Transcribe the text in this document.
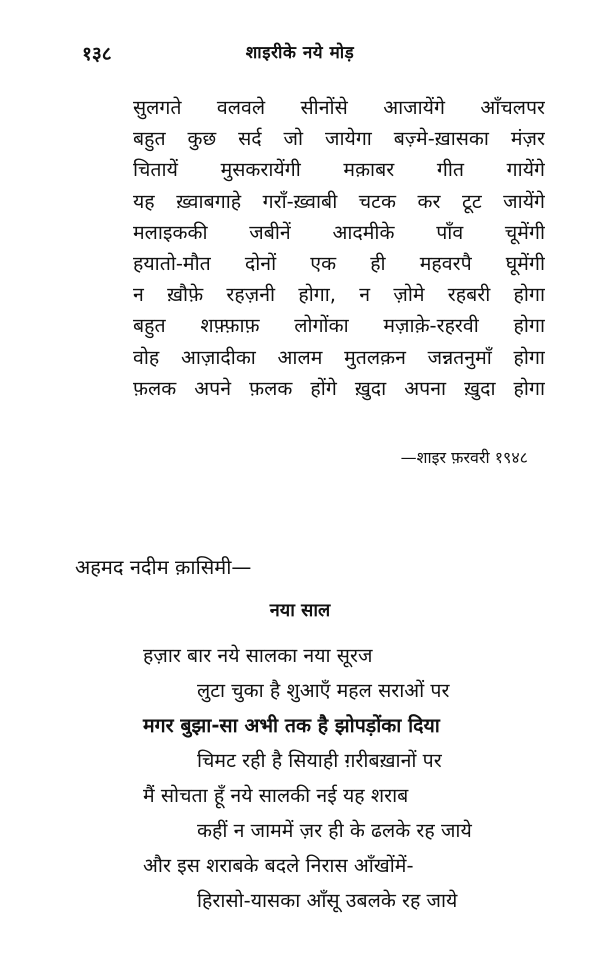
१३८	शाइरीके नये मोड़
सुलगते वलवले सीनोंसे आजायेंगे आँचलपर
बहुत कुछ सर्द जो जायेगा बज़्मे-ख़ासका मंज़र
चितायें मुसकरायेंगी मक़ाबर गीत गायेंगे
यह ख़्वाबगाहे गराँ-ख़्वाबी चटक कर टूट जायेंगे
मलाइककी जबीनें आदमीके पाँव चूमेंगी
हयातो-मौत दोनों एक ही महवरपै घूमेंगी
न ख़ौफ़े रहज़नी होगा, न ज़ोमे रहबरी होगा
बहुत शफ़्फ़ाफ़ लोगोंका मज़ाक़े-रहरवी होगा
वोह आज़ादीका आलम मुतलक़न जन्नतनुमाँ होगा
फ़लक अपने फ़लक होंगे ख़ुदा अपना ख़ुदा होगा
—शाइर फ़रवरी १९४८
अहमद नदीम क़ासिमी—
नया साल
हज़ार बार नये सालका नया सूरज
लुटा चुका है शुआएँ महल सराओं पर
मगर बुझा-सा अभी तक है झोपड़ोंका दिया
चिमट रही है सियाही ग़रीबख़ानों पर
मैं सोचता हूँ नये सालकी नई यह शराब
कहीं न जाममें ज़र ही के ढलके रह जाये
और इस शराबके बदले निरास आँखोंमें-
हिरासो-यासका आँसू उबलके रह जाये
